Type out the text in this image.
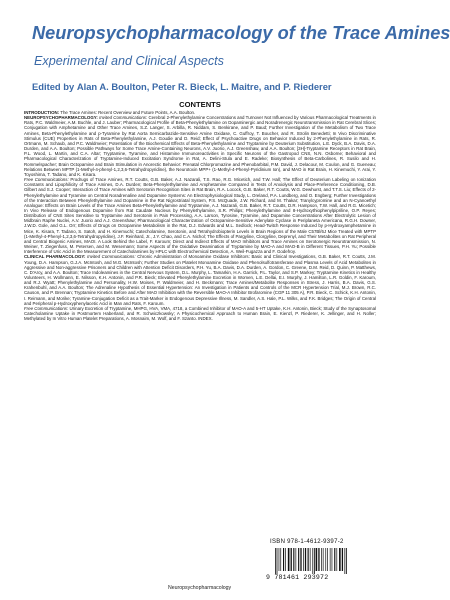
Neuropsychopharmacology of the Trace Amines
Experimental and Clinical Aspects
Edited by Alan A. Boulton, Peter R. Bieck, L. Maitre, and P. Riederer
CONTENTS

INTRODUCTION: The Trace Amines: Recent Overview and Future Points, A.A. Boulton.

NEUROPSYCHOPHARMACOLOGY: Invited Communications: Cerebral 2-Phenylethylamine Concentrations and Turnover Not Influenced by Various Pharmacological Treatments in Rats, P.C. Waldmeier, A.M. Buchle, and J. Lauber; Pharmacological Profile of Beta-Phenylethylamine on Dopaminergic and Noradrenergic Neurotransmission in Rat Cerebral Slices; Conjugation with Amphetamine and Other Trace Amines, S.Z. Langer, S. Arbilla, R. Niddam, S. Benkirane, and P. Baud; Further Investigation of the Metabolism of Two Trace Amines, Beta-Phenylethylamine and p-Tyramine by Rat Aorta Semicarbazide-Sensitive Amine Oxidase, C. Guffroy, T. Boucher, and R. Strolin Benedetti; In Vivo Discriminative Stimulus (CUE) Properties in Rats of Beta-Phenylethylamine, A.J. Goudie and D. Reid; Effect of Psychoactive Drugs on Behavior Induced by 2-Phenylethylamine in Rats, R. Ortmann, M. Schaub, and P.C. Waldmeier; Potentiation of the Biochemical Effects of Beta-Phenylethylamine and Tryptamine by Deuterium Substitution, L.E. Dyck, B.A. Davis, D.A. Durden, and A.A. Boulton; Possible Pathways for Some Trace Amine-Containing Neurons, A.V. Juorio, A.J. Greenshaw, and A.A. Boulton; [3H]-Tryptamine Receptors in Rat Brain, P.L. Wood, L. Martin, and C.A. Altar; Tryptamine, Tyramine, and Histamine Immunoreactivities in Specific Neurons of the Gastropod CNS, N.N. Osborne; Behavioral and Pharmacological Characterization of Tryptamine-Induced Excitation Syndrome in Rat, A. Delini-Stula and E. Radeke; Biosynthesis of Beta-Carbolines, R. Susilo and H. Rommelspacher; Brain Octopamine and Brain Stimulation in Anorectic Behavior: Prenatal Chlorpromazine and Phenobarbital, P.M. David, J. Delacour, M. Coulon, and G. Gueneau; Relations Between MPTP (1-Methyl-4-phenyl-1,2,3,6-Tetrahydropyridine), the Neurotoxin MPP+ (1-Methyl-4-Phenyl-Pyridinium Ion), and MAO in Rat Brain, H. Kinemuchi, Y. Arai, Y. Toyoshima, T. Tadano, and K. Kisara.

Free Communications: Prodrugs of Trace Amines, R.T. Coutts, G.B. Baker, A.J. Nazarali, T.S. Rao, R.G. Micetich, and T.W. Hall; The Effect of Deuterium Labeling on Ionization Constants and Lipophilicity of Trace Amines, D.A. Durden; Beta-Phenylethylamine and Amphetamine Compared in Tests of Anxiolysis and Place-Preference Conditioning, D.B. Gilbert and S.J. Cooper; Interaction of Trace Amines with Serotonin Recognition Sites in Rat Brain, R.A. Locock, G.B. Baker, R.T. Coutts, W.G. Dewhurst, and T.T.S. Liu; Effects of 2-Phenylethylamine and Tyramine on Central Noradrenaline and Dopamine Systems: An Electrophysiological Study, L. Oreland, P.A. Lundberg, and O. Engberg; Further Investigations of the Interaction Between Phenylethylamine and Dopamine in the Rat Nigrostriatal System, P.S. McQuade, J.W. Richard, and M. Thakar; Tranylcypromine and an N-Cyanoethyl Analogue: Effects on Brain Levels of the Trace Amines Beta-Phenylethylamine and Tryptamine, A.J. Nazarali, G.B. Baker, R.T. Coutts, D.R. Hampson, T.W. Hall, and R.G. Micetich; In Vivo Release of Endogenous Dopamine from Rat Caudate Nucleus by Phenylethylamine, S.R. Philips; Phenylethylamine and 8-Hydroxythiophenylpipriline, O.P. Reyes; Distribution of CNS Sites Sensitive to Tryptamine and Serotonin in Pain Processing, A.A. Larson, Tyrosine, Tyramine, and Dopamine Concentrations After Electrolytic Lesion of Midbrain Raphe Nuclei, A.V. Juorio and A.J. Greenshaw; Pharmacological Characterization of Octopamine-Sensitive Adenylate Cyclase in Periplaneta Americana, R.G.H. Downer, J.W.D. Gole, and G.L. Orr; Effects of Drugs on Octopamine Metabolism in the Rat, D.J. Edwards and M.L. Sedlock; Head-Twitch Response Induced by p-Hydroxyamphetamine in Mice, K. Kisara, T. Tadano, S. Satoh, and H. Kinemuchi; Catecholamine, Serotonin, and Tetrahydrobiopterin Levels in Brain Regions of the Male C57Bl/6J Mice Treated with MPTP (1-Methyl-4-Phenyl-1,2,3,6-Tetrahydropyridine), J.F. Reinhard, Jr., J.Y. Chao, and C.A. Nichol; The Effects of Pargyline, Clorgyline, Deprenyl, and Their Metabolites on Rat Peripheral and Central Biogenic Amines, MAOI. A Look Behind the Label, F. Karoum; Direct and Indirect Effects of MAO Inhibitors and Trace Amines on Serotonergic Neurotransmission, N. Weiner, T. Ziegenfuss, M. Petersen, and M. Wesemann; Some Aspects of the Oxidative Deamination of Tryptamine by MAO-A and MAO-B in Different Tissues, P.H. Yu; Possible Interference of Uric Acid in the Measurement of Catecholamines by HPLC with Electrochemical Detection, A. Weil-Fugazza and F. Godefroy.

CLINICAL PHARMACOLOGY: Invited Communications: Chronic Administration of Monoamine Oxidase Inhibitors: Basic and Clinical Investigations, G.B. Baker, R.T. Coutts, J.M. Young, D.A. Hampson, G.J.A. McIntosh, and M.G. McIntosh; Further Studies on Platelet Monoamine Oxidase and Phenolsulfotransferase and Plasma Levels of Acid Metabolites in Aggressive and Non-aggressive Prisoners and Children with Attention Deficit Disorders, P.H. Yu, B.A. Davis, D.A. Durden, A. Gordon, C. Greene, D.M. Reid, D. Quinn, P. Matthews, C. D'Arcy, and A.A. Boulton; Trace Indoleamines in the Central Nervous System, D.L. Murphy, L. Tamarkin, H.A. Garrick, P.L. Taylor, and S.P. Markey; Tryptamine Kinetics in Healthy Volunteers, H. Wollmann, E. Nilsson, K.H. Antonin, and P.R. Bieck; Elevated Phenylethylamine Excretion in Women, L.E. Dellai, E.I. Murphy, J. Hamilton, L.R. Goldin, F. Karoum, and R.J. Wyatt; Phenylethylamine and Personality, H.W. Moises, P. Waldmeier, and H. Beckmann; Trace Amines/Metabolite Responses in Stress, J. Harris, B.A. Davis, G.S. Krahenbuhl, and A.A. Boulton; The Adrenaline Hypothesis of Essential Hypertension: An Investigation in Patients and Controls of the MCR Hypertension Trial, M.J. Brown, R.C. Causon, and P. Brennan; Tryptamine Kinetics Before and After MAO Inhibition with the Reversible MAO-A Inhibitor Brofaromine (CGP 11 305 A), P.R. Bieck, C. Schick, K.H. Antonin, I. Reimann, and Morike; Tyramine-Conjugation Deficit as a Trait-Marker in Endogenous Depressive Illness, M. Sandler, A.S. Hale, P.L. Wilks, and F.K. Bridges; The Origin of Central and Peripheral p-Hydroxyphenylacetic Acid in Man and Rats, F. Karoum.

Free Communications: Urinary Excretion of Tryptamine, MHPG, HVA, VMA, 4718, a Combined Inhibitor of MAO-A and 5-HT Uptake, K.H. Antonin, Bieck; Study of the Synaptosomal Catecholamine Uptake in Postmortem Haberland, and R. Schwiczkowsky; A Physicochemical Approach to Human Brain, E. Kienzl, P. Riederer, K. Jellinger, and H. Noller; Methylated by In Vitro Human Platelet Preparations, A. Mosnaim, M. Wolf, and F. Szanto. INDEX.

ISBN 978-1-4612-9397-2
9 781461 293972
Neuropsychopharmacology
